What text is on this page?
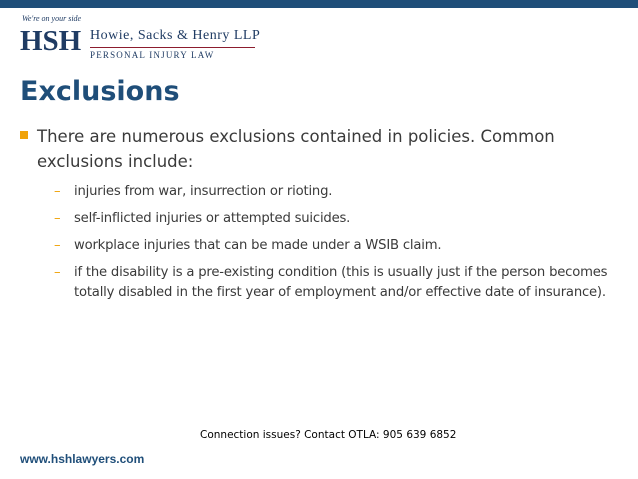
We're on your side
HSH Howie, Sacks & Henry LLP
PERSONAL INJURY LAW
Exclusions
There are numerous exclusions contained in policies. Common exclusions include:
– injuries from war, insurrection or rioting.
– self-inflicted injuries or attempted suicides.
– workplace injuries that can be made under a WSIB claim.
– if the disability is a pre-existing condition (this is usually just if the person becomes totally disabled in the first year of employment and/or effective date of insurance).
Connection issues? Contact OTLA: 905 639 6852
www.hshlawyers.com
